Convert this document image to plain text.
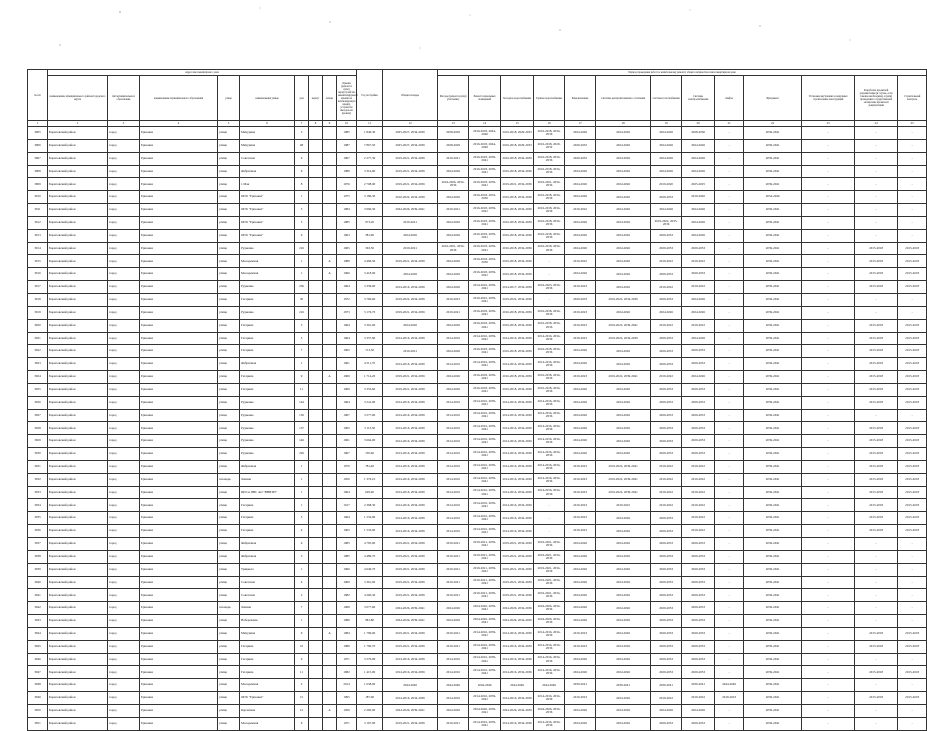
№ п/п	Адрес многоквартирного дома									Год постройки	Общая площадь	Период проведения работ по капитальному ремонту общего имущества в многоквартирном доме												
	наименование муниципального района/городского округа	тип муниципального образования	наименование муниципального образования	улица	наименование улицы	дом	корпус	литера	Крыши (ремонт и (или) переустройство невентилируемой крыши на вентилируемую крышу, устройство выходов на кровлю)			Фасады (ремонт и (или) утепление)	Ремонт подвальных помещений	Холодное водоснабжение	Горячее водоснабжение	Канализование	Системы централизованного отопления	Системы газоснабжения	Системы электроснабжения	Лифты	Фундамент	Установка внутренних и наружных строительных конструкций	Разработка проектной документации (в случае, если таковая необходима), и (или) проведение государственной экспертизы проектной документации	Строительный контроль
1	2	3	4	5	6	7	8	9	10	11	12	13	14	15	16	17	18	19	20	21	22	23	24	25
3905	Борисовский район	город	Ершовка	улица	Мичурина	5			1985	1 840,30	2025-2027, 2034-2036	2028-2029	2016-2018, 2044-2046	2016-2018, 2029-2033	2016-2018, 2034-2036	2024-2026	2024-2026	2024-2026	2028-2030	-	2039-2041	-	-	-
3906	Борисовский район	город	Ершовка	улица	Мичурина	48			1987	7 867,50	2025-2027, 2034-2036	2028-2029	2016-2018, 2044-2046	2016-2018, 2029-2033	2016-2018, 2029-2032	2029-2032	2024-2026	2024-2026	2024-2026	-	2039-2041	-	-	-
3907	Борисовский район	город	Ершовка	улица	Советская	9			1967	2 277,30	2019-2021, 2034-2036	2019-2021	2016-2018, 2039-2041	2016-2018, 2034-2036	2016-2018, 2034-2036	2029-2032	2024-2026	2024-2026	2024-2026	-	2039-2041	-	-	-
3908	Борисовский район	город	Ершовка	улица	Фабричная	6			1989	3 316,00	2019-2021, 2034-2036	2024-2026	2016-2018, 2039-2041	2016-2018, 2034-2036	2016-2018, 2034-2036	2024-2026	2024-2026	2024-2026	2024-2026	-	2039-2041	-	-	-
3909	Борисовский район	город	Ершовка	улица	1 Мая	8			1976	2 708,00	2019-2021, 2034-2036	2024-2026, 2034-2036	2016-2018, 2039-2041	2019-2021, 2034-2036	2019-2021, 2034-2036	2024-2026	2024-2026	2019-2020	2025-2025	-	2039-2041	-	-	-
3910	Борисовский район	город	Ершовка	улица	ОПХ "Ершовка"	1			1975	3 186,30	2016-2022, 2034-2036	2024-2026	2016-2018, 2034-2036	2016-2018, 2034-2036	2016-2018, 2034-2036	2024-2026	2024-2026	2029-2033	2019-2020	-	2034-2040	-	-	-
3911	Борисовский район	город	Ершовка	улица	ОПХ "Ершовка"	3			1984	3 906,30	2024-2026, 2039-2041	2019-2021	2016-2018, 2039-2041	2016-2018, 2034-2036	2016-2018, 2034-2036	2019-2022	2024-2026	2024-2026	2024-2026	-	2039-2041	-	-	-
3912	Борисовский район	город	Ершовка	улица	ОПХ "Ершовка"	5			1985	973,20	2019-2021	2024-2026	2016-2018, 2039-2041	2016-2018, 2034-2036	2016-2018, 2034-2036	2024-2026	2024-2026	2019-2022, 2035-2036	2024-2026	-	2039-2041	-	-	-
3913	Борисовский район	город	Ершовка	улица	ОПХ "Ершовка"	9			1963	381,90	2024-2026	2024-2026	2016-2018, 2039-2041	2016-2018, 2034-2036	2016-2018, 2034-2036	2024-2026	2024-2026	2029-2033	2024-2026	-	2039-2041	-	-	-
3914	Борисовский район	город	Ершовка	улица	Рудненко	216			1965	363,50	2019-2021	2016-2021, 2034-2036	2016-2018, 2039-2041	2016-2018, 2034-2036	2016-2018, 2034-2036	2024-2026	2024-2026	2029-2033	2029-2033	-	2039-2041	-	2015-2018	2015-2018
3915	Борисовский район	город	Ершовка	улица	Молодежная	1		А	1989	4 469,50	2019-2021, 2034-2036	2024-2026	2016-2018, 2034-2036	2016-2018, 2034-2036	-	2019-2022	2024-2026	2019-2022	2019-2022	-	2039-2041	-	2015-2018	2015-2018
3916	Борисовский район	город	Ершовка	улица	Молодежная	1		А	1966	3 418,00	2024-2026	2024-2026	2016-2018, 2039-2041	2016-2018, 2034-2036	-	2024-2026	2024-2026	2029-2033	2029-2033	-	2039-2041	-	2015-2018	2015-2018
3917	Борисовский район	город	Ершовка	улица	Рудненко	236			1964	3 339,00	2014-2016, 2034-2036	2024-2026	2014-2016, 2039-2041	2014-2017, 2034-2036	2019-2023, 2034-2036	2019-2023	2024-2026	2019-2022	2019-2022	-	2039-2041	-	2015-2018	2015-2018
3918	Борисовский район	город	Ершовка	улица	Гагарина	30			1972	3 769,60	2019-2022, 2034-2036	2019-2023	2019-2022, 2039-2041	2019-2022, 2034-2036	-	2029-2033	2019-2022, 2034-2036	2029-2033	2024-2026	-	2039-2041	-	-	-
3919	Борисовский район	город	Ершовка	улица	Рудненко	216			1973	3 176,70	2019-2021, 2034-2036	2019-2021	2016-2018, 2039-2041	2016-2018, 2034-2036	2016-2018, 2034-2036	2019-2023	2024-2026	2024-2026	2024-2026	-	2039-2041	-	-	-
3920	Борисовский район	город	Ершовка	улица	Гагарина	3			1964	3 361,00	2024-2026	2024-2026	2016-2018, 2039-2041	2016-2018, 2034-2036	2016-2018, 2034-2036	2019-2023	2019-2022, 2039-2041	2019-2022	2019-2022	-	2039-2041	-	2015-2018	2015-2018
3921	Борисовский район	город	Ершовка	улица	Гагарина	5			1964	3 357,90	2014-2016, 2034-2036	2014-2016	2014-2016, 2039-2041	2014-2016, 2034-2036	2014-2016, 2034-2036	2019-2023	2019-2022, 2034-2036	2029-2033	2024-2026	-	2039-2041	-	2015-2018	2015-2018
3922	Борисовский район	город	Ершовка	улица	Гагарина	7			1965	713,30	2019-2021	2024-2026	2016-2018, 2039-2041	2016-2018, 2034-2036	2016-2018, 2034-2036	2024-2026	2024-2026	2029-2033	2029-2033	-	2039-2041	-	2015-2018	2015-2018
3923	Борисовский район	город	Ершовка	улица	Фабричная	1			1961	4 511,70	2014-2016, 2034-2036	2014-2016	2014-2016, 2039-2041	2014-2016, 2034-2036	2014-2016, 2034-2036	2024-2026	2024-2026	2029-2033	2029-2033	-	2039-2041	-	2015-2018	2015-2018
3924	Борисовский район	город	Ершовка	улица	Гагарина	9		А	1969	1 714,20	2019-2021, 2034-2036	2024-2026	2016-2018, 2039-2041	2016-2018, 2034-2036	2016-2018, 2034-2036	2019-2023	2019-2022, 2039-2041	2019-2022	2024-2026	-	2039-2041	-	2015-2018	2015-2018
3925	Борисовский район	город	Ершовка	улица	Гагарина	11			1969	3 353,60	2019-2021, 2034-2036	2024-2026	2016-2018, 2039-2041	2016-2018, 2034-2036	2016-2018, 2034-2036	2024-2026	2024-2026	2029-2033	2029-2033	-	2039-2041	-	2015-2018	2015-2018
3926	Борисовский район	город	Ершовка	улица	Рудненко	144			1964	3 241,90	2014-2016, 2034-2036	2014-2016	2014-2016, 2039-2041	2014-2016, 2034-2036	2014-2016, 2034-2036	2024-2026	2024-2026	2029-2033	2029-2033	-	2039-2041	-	2015-2018	2015-2018
3927	Борисовский район	город	Ершовка	улица	Рудненко	156			1967	3 277,90	2014-2016, 2034-2036	2014-2016	2014-2016, 2039-2041	2014-2016, 2034-2036	2014-2016, 2034-2036	2024-2026	2024-2026	2029-2033	2029-2033	-	2039-2041	-	-	-
3928	Борисовский район	город	Ершовка	улица	Рудненко	137			1965	3 113,50	2014-2016, 2034-2036	2014-2016	2014-2016, 2039-2041	2014-2016, 2034-2036	2014-2016, 2034-2036	2024-2026	2024-2026	2029-2033	2029-2033	-	2039-2041	-	2015-2018	2015-2018
3929	Борисовский район	город	Ершовка	улица	Рудненко	146			1961	3 664,90	2014-2016, 2034-2036	2014-2016	2014-2016, 2039-2041	2014-2016, 2034-2036	2014-2016, 2034-2036	2024-2026	2024-2026	2029-2033	2029-2033	-	2039-2041	-	2015-2018	2015-2018
3930	Борисовский район	город	Ершовка	улица	Рудненко	226			1967	720,60	2014-2016, 2034-2036	2014-2016	2014-2016, 2039-2041	2014-2016, 2034-2036	2014-2016, 2034-2036	2024-2026	2024-2026	2029-2033	2029-2033	-	2039-2041	-	2015-2018	2015-2018
3931	Борисовский район	город	Ершовка	улица	Фабричная	1			1970	781,40	2014-2016, 2034-2036	2014-2016	2014-2016, 2039-2041	2014-2016, 2034-2036	2014-2016, 2034-2036	2019-2023	2019-2022, 2039-2041	2019-2022	2019-2022	-	2039-2041	-	2015-2018	2015-2018
3932	Борисовский район	город	Ершовка	площадь	Ленина	1			1956	1 376,10	2014-2016, 2034-2036	2014-2016	2014-2016, 2039-2041	2014-2016, 2034-2036	2014-2016, 2034-2036	2019-2023	2019-2022, 2039-2041	2019-2022	2019-2022	-	2039-2041	-	2015-2018	2015-2018
3933	Борисовский район	город	Ершовка	улица	ЦРО и ПВС АО "ВНИТИ"	1			1964	629,60	2014-2016, 2034-2036	2014-2016	2014-2016, 2039-2041	2014-2016, 2034-2036	2014-2016, 2034-2036	2019-2023	2019-2022, 2039-2041	2019-2022	2019-2022	-	2039-2041	-	2015-2018	2015-2018
3934	Борисовский район	город	Ершовка	улица	Гагарина	1			1917	2 368,30	2014-2016, 2034-2036	2014-2016	2014-2016, 2039-2041	2014-2016, 2034-2036	-	2019-2023	2019-2022	2019-2022	2019-2022	-	2039-2041	-	2015-2018	2015-2018
3935	Борисовский район	город	Ершовка	улица	Гагарина	5			1964	1 532,90	2014-2016, 2034-2036	2014-2016	2014-2016, 2039-2041	2014-2016, 2034-2036	-	2019-2023	2024-2026	2029-2033	2019-2022	-	2039-2041	-	2015-2018	2015-2018
3936	Борисовский район	город	Ершовка	улица	Гагарина	4			1965	1 533,00	2014-2016, 2034-2036	2014-2016	2014-2016, 2039-2041	2014-2016, 2034-2036	-	2019-2023	2024-2026	2029-2033	2019-2022	-	2039-2041	-	2015-2018	2015-2018
3937	Борисовский район	город	Ершовка	улица	Фабричная	6			1985	4 795,90	2019-2021, 2034-2036	2019-2021	2019-2021, 2039-2041	2019-2021, 2034-2036	2019-2021, 2034-2036	2024-2026	2024-2026	2029-2033	2029-2033	-	2039-2041	-	-	-
3938	Борисовский район	город	Ершовка	улица	Фабричная	3			1985	4 489,70	2019-2021, 2034-2036	2019-2021	2019-2021, 2039-2041	2019-2021, 2034-2036	2019-2021, 2034-2036	2024-2026	2024-2026	2029-2033	2029-2033	-	2039-2041	-	-	-
3939	Борисовский район	город	Ершовка	улица	Урицкого	1			1966	4 640,70	2019-2021, 2034-2036	2019-2021	2019-2021, 2039-2041	2019-2021, 2034-2036	2019-2021, 2034-2036	2024-2026	2024-2026	2029-2033	2029-2033	-	2039-2041	-	-	-
3940	Борисовский район	город	Ершовка	улица	Советская	4			1969	3 361,00	2019-2021, 2034-2036	2019-2021	2019-2021, 2039-2041	2019-2021, 2034-2036	2019-2021, 2034-2036	2024-2026	2024-2026	2029-2033	2029-2033	-	2039-2041	-	-	-
3941	Борисовский район	город	Ершовка	улица	Советская	2			1982	4 260,30	2019-2021, 2034-2036	2019-2021	2019-2021, 2039-2041	2019-2021, 2034-2036	2019-2021, 2034-2036	2024-2026	2024-2026	2029-2033	2029-2033	-	2039-2041	-	-	-
3942	Борисовский район	город	Ершовка	площадь	Ленина	7			1968	3 077,60	2024-2026, 2039-2041	2024-2026	2024-2026, 2039-2041	2024-2026, 2034-2036	2024-2026, 2034-2036	2024-2026	2024-2026	2029-2033	2029-2033	-	2039-2041	-	-	-
3943	Борисовский район	город	Ершовка	улица	Набережная	1			1986	981,80	2024-2026, 2039-2041	2024-2026	2024-2026, 2039-2041	2024-2026, 2034-2036	2024-2026, 2034-2036	2024-2026	2024-2026	2029-2033	2029-2033	-	2039-2041	-	-	-
3944	Борисовский район	город	Ершовка	улица	Мичурина	9		А	1984	1 799,00	2019-2021, 2034-2036	2019-2021	2014-2016, 2039-2041	2014-2016, 2034-2036	2014-2016, 2034-2036	2019-2023	2024-2026	2029-2033	2029-2033	-	2039-2041	-	2015-2018	2015-2018
3945	Борисовский район	город	Ершовка	улица	Гагарина	10			1989	1 790,70	2019-2021, 2034-2036	2019-2021	2014-2016, 2039-2041	2014-2016, 2034-2036	2014-2016, 2034-2036	2019-2023	2024-2026	2029-2033	2029-2033	-	2039-2041	-	2015-2018	2015-2018
3946	Борисовский район	город	Ершовка	улица	Гагарина	9			1971	3 279,00	2014-2016, 2034-2036	2014-2016	2014-2016, 2039-2041	2014-2016, 2034-2036	2014-2016, 2034-2036	2024-2026	2024-2026	2029-2033	2029-2033	-	2039-2041	-	-	-
3947	Борисовский район	город	Ершовка	улица	Гагарина	11			1982	1 415,00	2014-2016, 2034-2036	2014-2016	2014-2016, 2039-2041	2014-2016, 2034-2036	2014-2016, 2034-2036	2024-2026	2024-2026	2029-2033	2029-2033	-	2039-2041	-	2015-2018	2015-2018
3948	Борисовский район	город	Ершовка	улица	Молодежная	2			2014	1 638,00	2044-2046	2044-2046	2044-2046	2044-2046	2044-2046	2039-2041	2039-2041	2039-2041	2039-2041	2044-2046	2039-2041	-	-	-
3949	Борисовский район	город	Ершовка	улица	ОПХ "Ершовка"	15			1995	187,00	2014-2016, 2034-2036	2014-2016	2014-2016, 2039-2041	2014-2016, 2034-2036	2014-2016, 2034-2036	2019-2023	2024-2026	2019-2022	2019-2022	2019-2023	2039-2041	-	2015-2018	2015-2018
3950	Борисовский район	город	Ершовка	улица	Корчагина	12		А	1956	2 283,00	2024-2026, 2039-2041	2024-2026	2024-2026, 2039-2041	2024-2026, 2034-2036	2024-2026, 2034-2036	2024-2026	2024-2026	2024-2026	2024-2026	-	2039-2041	-	-	-
3951	Борисовский район	город	Ершовка	улица	Молодежная	6			1971	3 167,00	2019-2021, 2034-2036	2019-2021	2014-2016, 2039-2041	2014-2016, 2034-2036	2014-2016, 2034-2036	2024-2026	2024-2026	2029-2033	2029-2033	-	2039-2041	-	-	-
